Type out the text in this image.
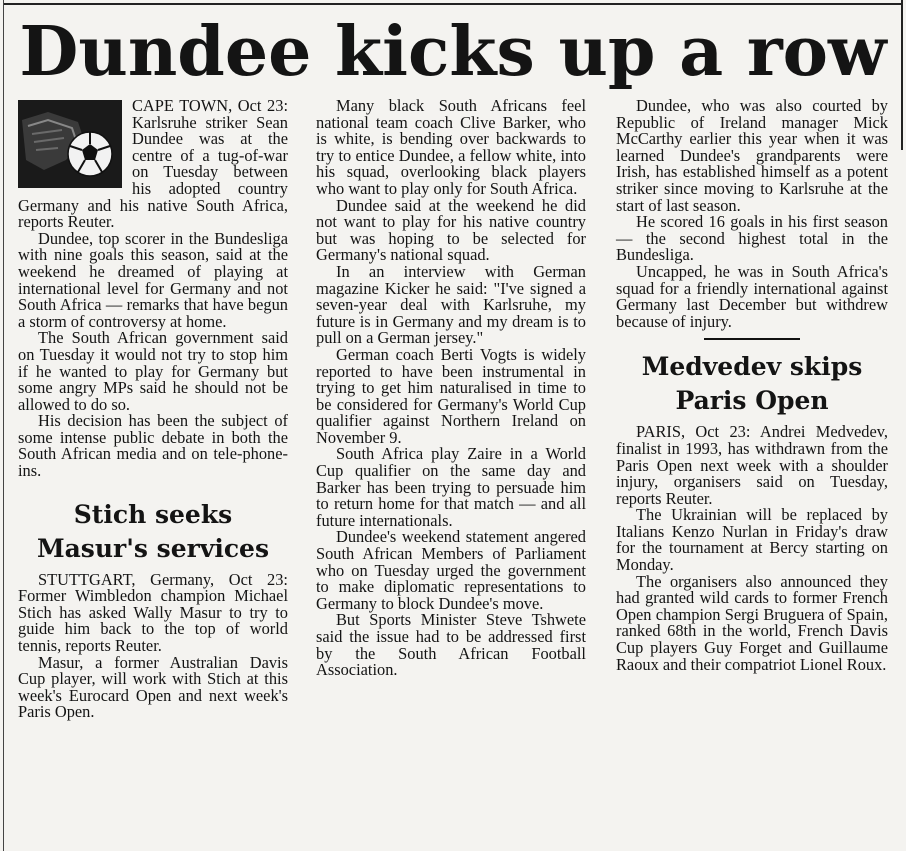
Dundee kicks up a row

CAPE TOWN, Oct 23: Karlsruhe striker Sean Dundee was at the centre of a tug-of-war on Tuesday between his adopted country Germany and his native South Africa, reports Reuter.

Dundee, top scorer in the Bundesliga with nine goals this season, said at the weekend he dreamed of playing at international level for Germany and not South Africa — remarks that have begun a storm of controversy at home.

The South African government said on Tuesday it would not try to stop him if he wanted to play for Germany but some angry MPs said he should not be allowed to do so.

His decision has been the subject of some intense public debate in both the South African media and on tele-phone-ins.

Stich seeks
Masur's services

STUTTGART, Germany, Oct 23: Former Wimbledon champion Michael Stich has asked Wally Masur to try to guide him back to the top of world tennis, reports Reuter.

Masur, a former Australian Davis Cup player, will work with Stich at this week's Eurocard Open and next week's Paris Open.

Many black South Africans feel national team coach Clive Barker, who is white, is bending over backwards to try to entice Dundee, a fellow white, into his squad, overlooking black players who want to play only for South Africa.

Dundee said at the weekend he did not want to play for his native country but was hoping to be selected for Germany's national squad.

In an interview with German magazine Kicker he said: "I've signed a seven-year deal with Karlsruhe, my future is in Germany and my dream is to pull on a German jersey."

German coach Berti Vogts is widely reported to have been instrumental in trying to get him naturalised in time to be considered for Germany's World Cup qualifier against Northern Ireland on November 9.

South Africa play Zaire in a World Cup qualifier on the same day and Barker has been trying to persuade him to return home for that match — and all future internationals.

Dundee's weekend statement angered South African Members of Parliament who on Tuesday urged the government to make diplomatic representations to Germany to block Dundee's move.

But Sports Minister Steve Tshwete said the issue had to be addressed first by the South African Football Association.

Dundee, who was also courted by Republic of Ireland manager Mick McCarthy earlier this year when it was learned Dundee's grandparents were Irish, has established himself as a potent striker since moving to Karlsruhe at the start of last season.

He scored 16 goals in his first season — the second highest total in the Bundesliga.

Uncapped, he was in South Africa's squad for a friendly international against Germany last December but withdrew because of injury.

Medvedev skips
Paris Open

PARIS, Oct 23: Andrei Medvedev, finalist in 1993, has withdrawn from the Paris Open next week with a shoulder injury, organisers said on Tuesday, reports Reuter.

The Ukrainian will be replaced by Italians Kenzo Nurlan in Friday's draw for the tournament at Bercy starting on Monday.

The organisers also announced they had granted wild cards to former French Open champion Sergi Bruguera of Spain, ranked 68th in the world, French Davis Cup players Guy Forget and Guillaume Raoux and their compatriot Lionel Roux.
